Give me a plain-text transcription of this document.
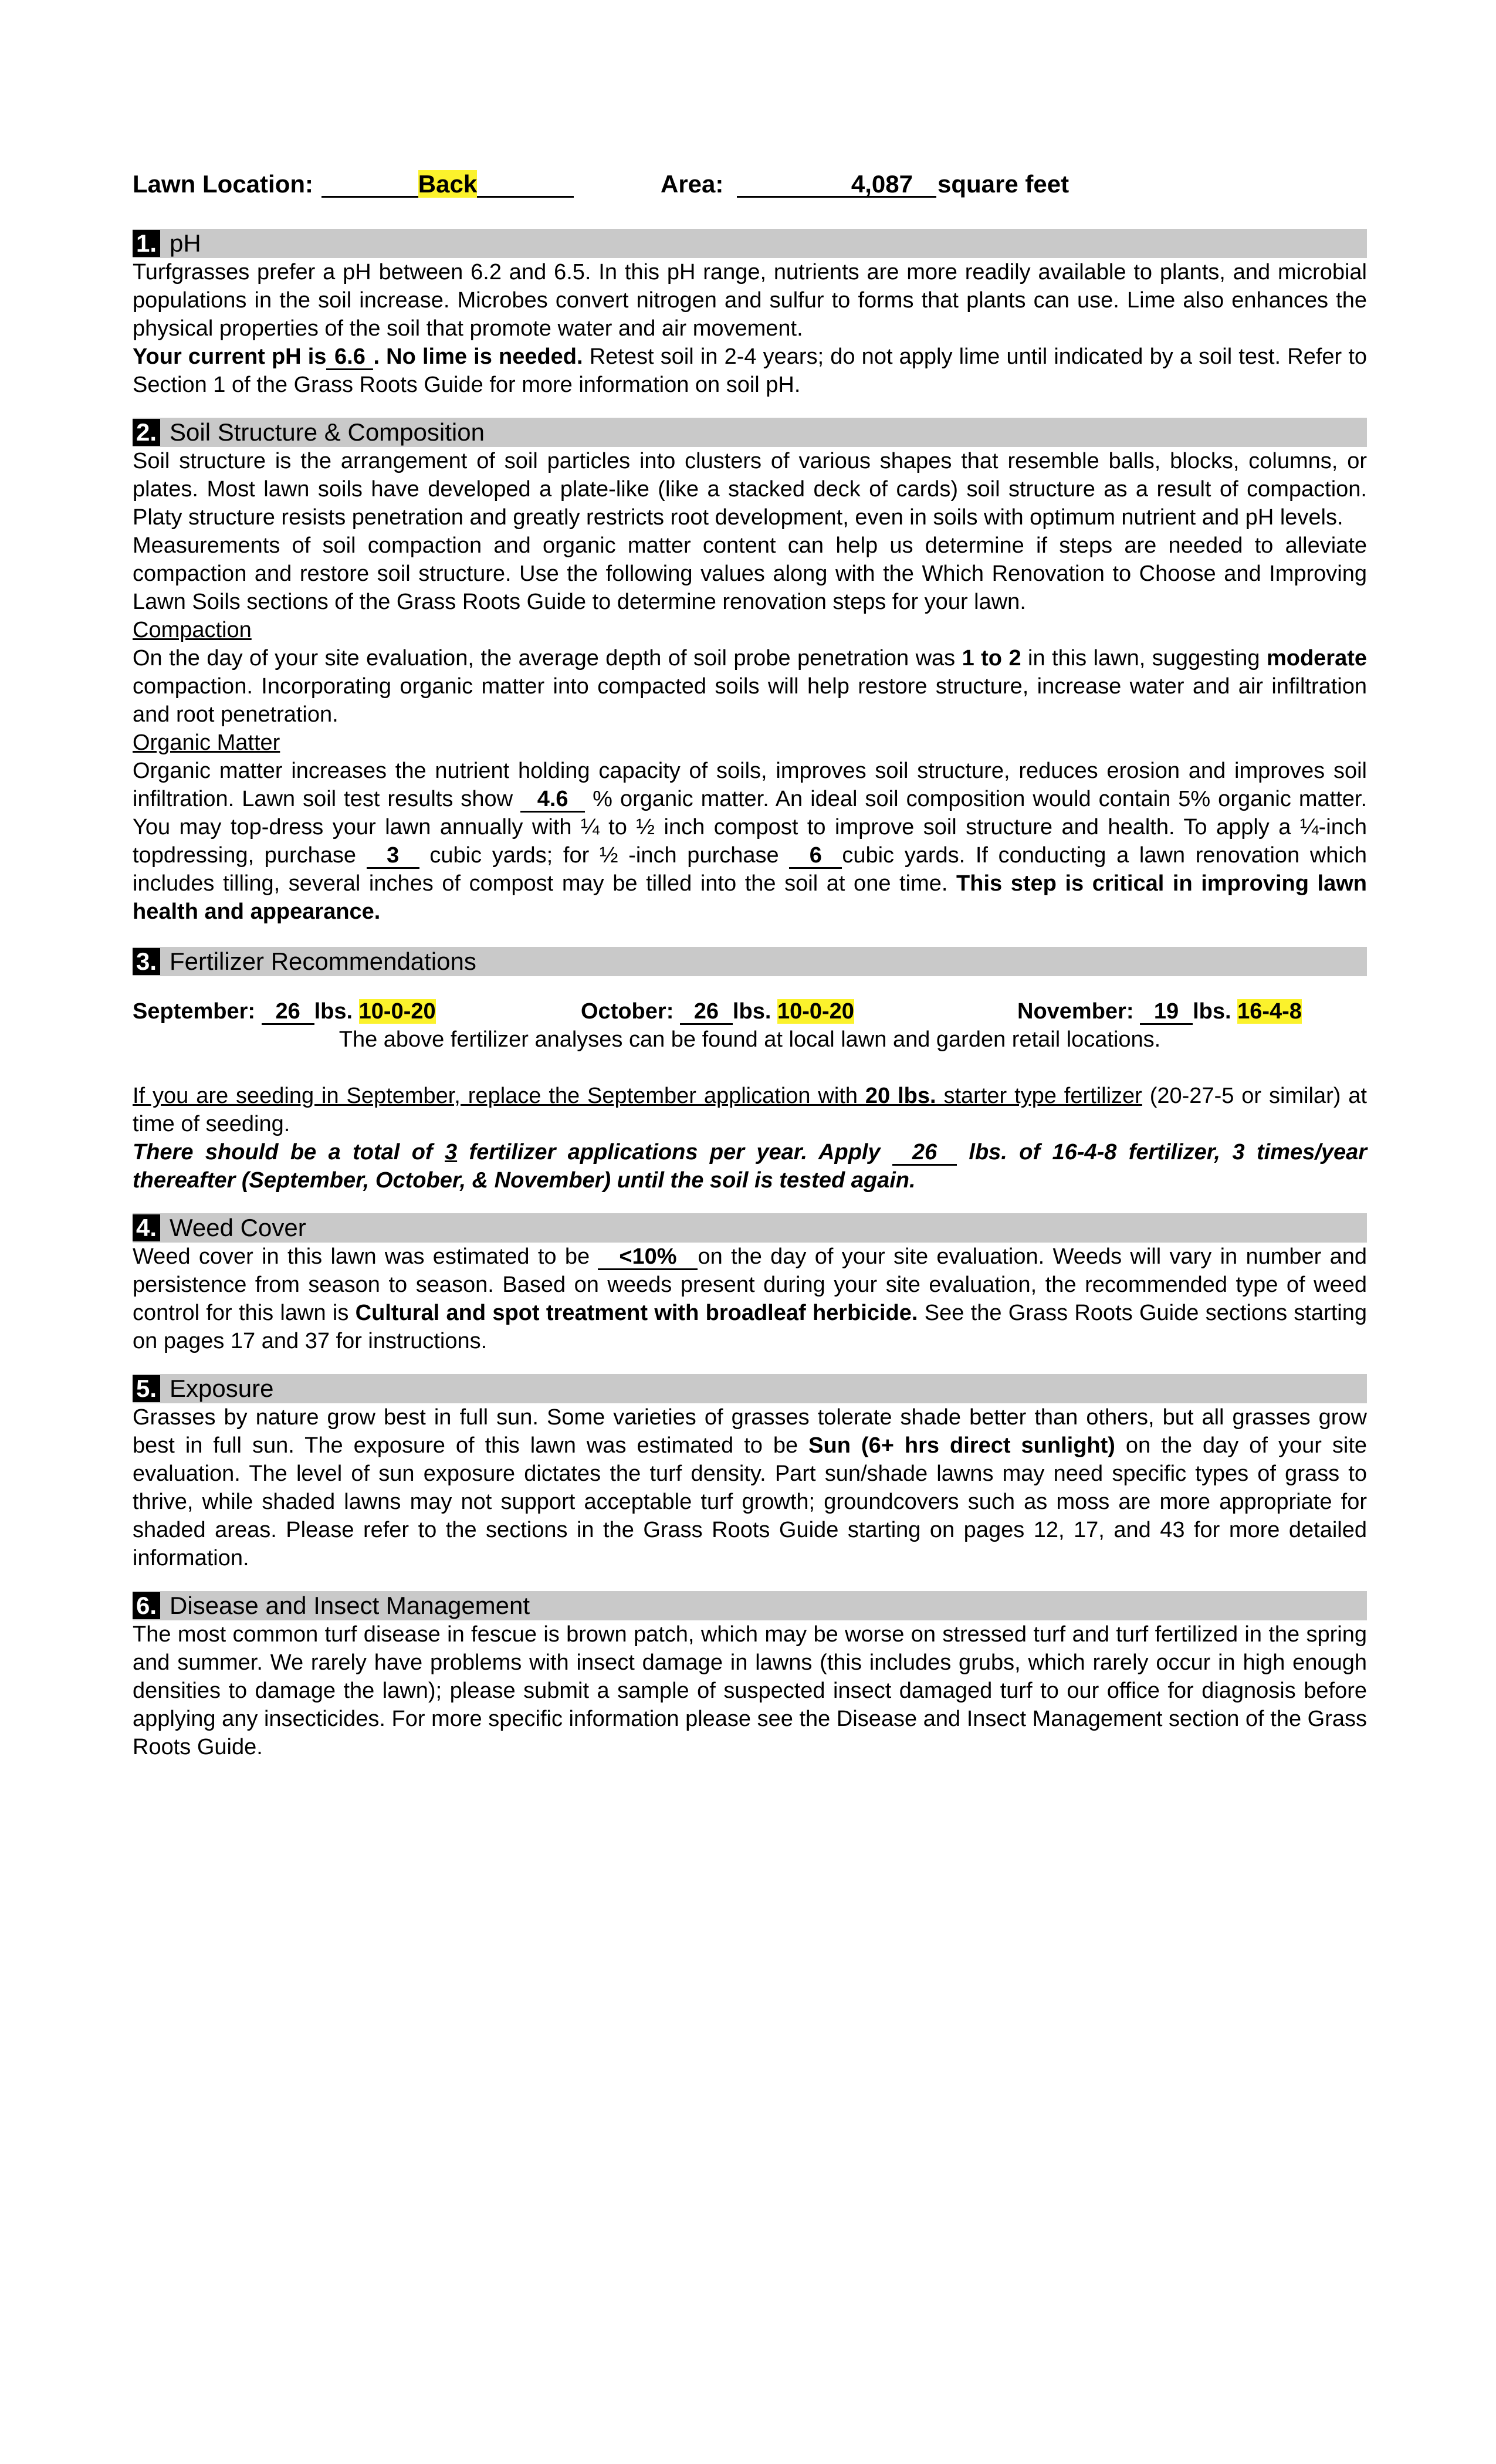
Lawn Location:	Back	Area:	4,087	square feet
1. pH

Turfgrasses prefer a pH between 6.2 and 6.5. In this pH range, nutrients are more readily available to plants, and microbial populations in the soil increase. Microbes convert nitrogen and sulfur to forms that plants can use. Lime also enhances the physical properties of the soil that promote water and air movement.

Your current pH is 6.6 . No lime is needed. Retest soil in 2-4 years; do not apply lime until indicated by a soil test. Refer to Section 1 of the Grass Roots Guide for more information on soil pH.

2. Soil Structure & Composition

Soil structure is the arrangement of soil particles into clusters of various shapes that resemble balls, blocks, columns, or plates. Most lawn soils have developed a plate-like (like a stacked deck of cards) soil structure as a result of compaction. Platy structure resists penetration and greatly restricts root development, even in soils with optimum nutrient and pH levels.

Measurements of soil compaction and organic matter content can help us determine if steps are needed to alleviate compaction and restore soil structure. Use the following values along with the Which Renovation to Choose and Improving Lawn Soils sections of the Grass Roots Guide to determine renovation steps for your lawn.

Compaction

On the day of your site evaluation, the average depth of soil probe penetration was 1 to 2 in this lawn, suggesting moderate compaction. Incorporating organic matter into compacted soils will help restore structure, increase water and air infiltration and root penetration.

Organic Matter

Organic matter increases the nutrient holding capacity of soils, improves soil structure, reduces erosion and improves soil infiltration. Lawn soil test results show 4.6 % organic matter. An ideal soil composition would contain 5% organic matter. You may top-dress your lawn annually with ¼ to ½ inch compost to improve soil structure and health. To apply a ¼-inch topdressing, purchase 3 cubic yards; for ½ -inch purchase 6 cubic yards. If conducting a lawn renovation which includes tilling, several inches of compost may be tilled into the soil at one time. This step is critical in improving lawn health and appearance.

3. Fertilizer Recommendations
September: 26 lbs. 10-0-20	October: 26 lbs. 10-0-20	November: 19 lbs. 16-4-8

The above fertilizer analyses can be found at local lawn and garden retail locations.

If you are seeding in September, replace the September application with 20 lbs. starter type fertilizer (20-27-5 or similar) at time of seeding.

There should be a total of 3 fertilizer applications per year. Apply 26 lbs. of 16-4-8 fertilizer, 3 times/year thereafter (September, October, & November) until the soil is tested again.

4. Weed Cover

Weed cover in this lawn was estimated to be <10% on the day of your site evaluation. Weeds will vary in number and persistence from season to season. Based on weeds present during your site evaluation, the recommended type of weed control for this lawn is Cultural and spot treatment with broadleaf herbicide. See the Grass Roots Guide sections starting on pages 17 and 37 for instructions.

5. Exposure

Grasses by nature grow best in full sun. Some varieties of grasses tolerate shade better than others, but all grasses grow best in full sun. The exposure of this lawn was estimated to be Sun (6+ hrs direct sunlight) on the day of your site evaluation. The level of sun exposure dictates the turf density. Part sun/shade lawns may need specific types of grass to thrive, while shaded lawns may not support acceptable turf growth; groundcovers such as moss are more appropriate for shaded areas. Please refer to the sections in the Grass Roots Guide starting on pages 12, 17, and 43 for more detailed information.

6. Disease and Insect Management

The most common turf disease in fescue is brown patch, which may be worse on stressed turf and turf fertilized in the spring and summer. We rarely have problems with insect damage in lawns (this includes grubs, which rarely occur in high enough densities to damage the lawn); please submit a sample of suspected insect damaged turf to our office for diagnosis before applying any insecticides. For more specific information please see the Disease and Insect Management section of the Grass Roots Guide.
